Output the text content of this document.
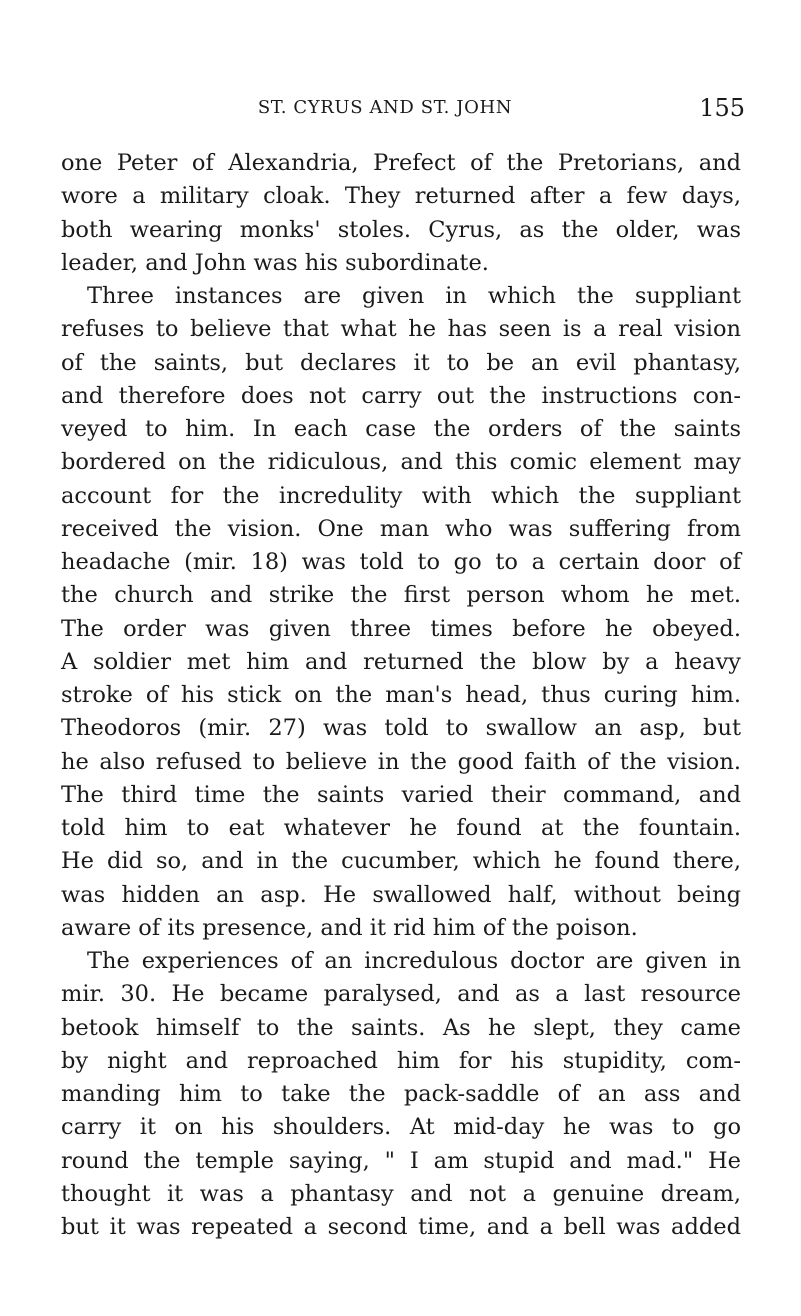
ST. CYRUS AND ST. JOHN	155
one Peter of Alexandria, Prefect of the Pretorians, and
wore a military cloak. They returned after a few days,
both wearing monks' stoles. Cyrus, as the older, was
leader, and John was his subordinate.
Three instances are given in which the suppliant
refuses to believe that what he has seen is a real vision
of the saints, but declares it to be an evil phantasy,
and therefore does not carry out the instructions con-
veyed to him. In each case the orders of the saints
bordered on the ridiculous, and this comic element may
account for the incredulity with which the suppliant
received the vision. One man who was suffering from
headache (mir. 18) was told to go to a certain door of
the church and strike the first person whom he met.
The order was given three times before he obeyed.
A soldier met him and returned the blow by a heavy
stroke of his stick on the man's head, thus curing him.
Theodoros (mir. 27) was told to swallow an asp, but
he also refused to believe in the good faith of the vision.
The third time the saints varied their command, and
told him to eat whatever he found at the fountain.
He did so, and in the cucumber, which he found there,
was hidden an asp. He swallowed half, without being
aware of its presence, and it rid him of the poison.
The experiences of an incredulous doctor are given in
mir. 30. He became paralysed, and as a last resource
betook himself to the saints. As he slept, they came
by night and reproached him for his stupidity, com-
manding him to take the pack-saddle of an ass and
carry it on his shoulders. At mid-day he was to go
round the temple saying, " I am stupid and mad." He
thought it was a phantasy and not a genuine dream,
but it was repeated a second time, and a bell was added
